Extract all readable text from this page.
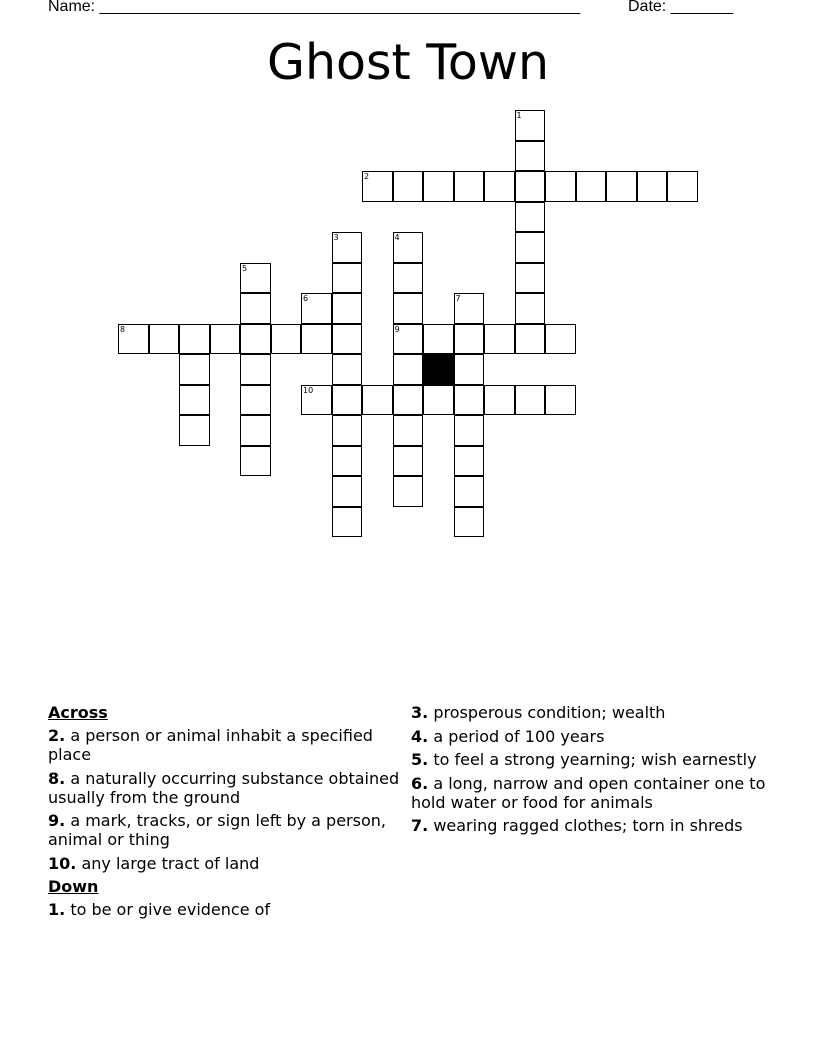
Name: ______________________________________________________	Date: _______
Ghost Town
1
2
3	4
5
6	7
8	9
10
Across
2. a person or animal inhabit a specified place
8. a naturally occurring substance obtained usually from the ground
9. a mark, tracks, or sign left by a person, animal or thing
10. any large tract of land
Down
1. to be or give evidence of
3. prosperous condition; wealth
4. a period of 100 years
5. to feel a strong yearning; wish earnestly
6. a long, narrow and open container one to hold water or food for animals
7. wearing ragged clothes; torn in shreds
